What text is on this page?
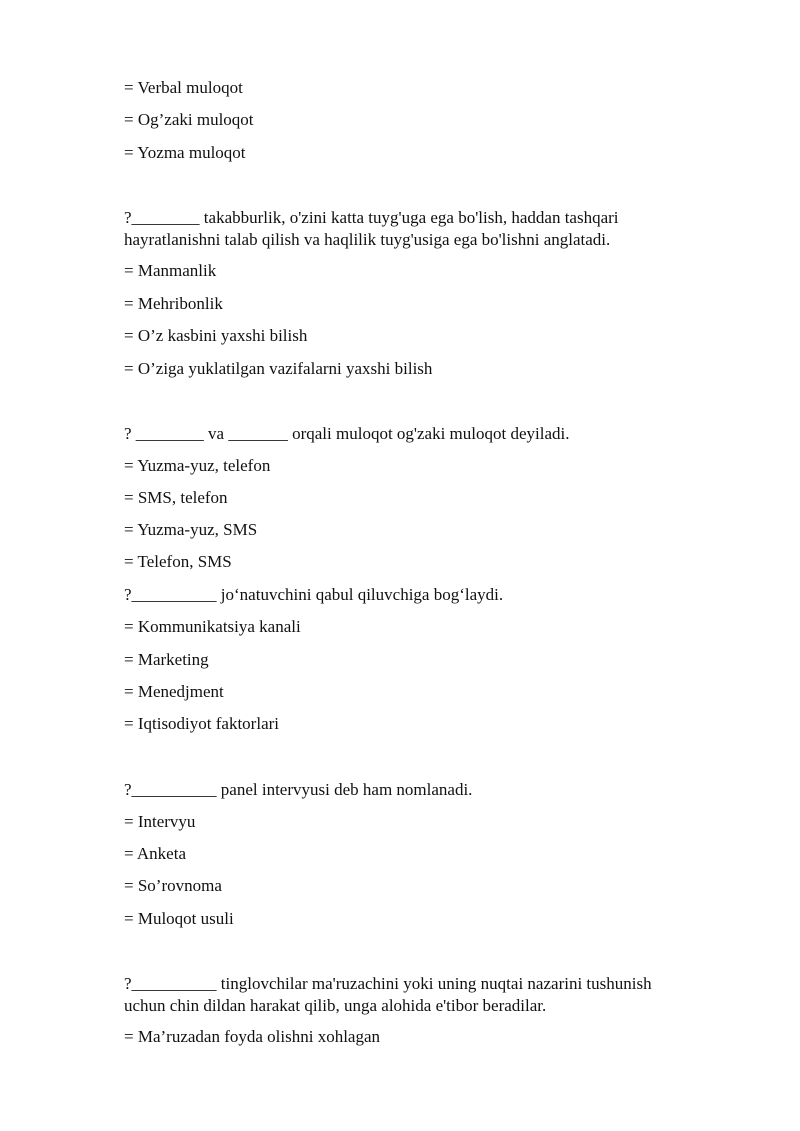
= Verbal muloqot
= Og’zaki muloqot
= Yozma muloqot
?________ takabburlik, o'zini katta tuyg'uga ega bo'lish, haddan tashqari
hayratlanishni talab qilish va haqlilik tuyg'usiga ega bo'lishni anglatadi.
= Manmanlik
= Mehribonlik
= O’z kasbini yaxshi bilish
= O’ziga yuklatilgan vazifalarni yaxshi bilish
? ________ va _______ orqali muloqot og'zaki muloqot deyiladi.
= Yuzma-yuz, telefon
= SMS, telefon
= Yuzma-yuz, SMS
= Telefon, SMS
?__________ jo‘natuvchini qabul qiluvchiga bog‘laydi.
= Kommunikatsiya kanali
= Marketing
= Menedjment
= Iqtisodiyot faktorlari
?__________ panel intervyusi deb ham nomlanadi.
= Intervyu
= Anketa
= So’rovnoma
= Muloqot usuli
?__________ tinglovchilar ma'ruzachini yoki uning nuqtai nazarini tushunish
uchun chin dildan harakat qilib, unga alohida e'tibor beradilar.
= Ma’ruzadan foyda olishni xohlagan
